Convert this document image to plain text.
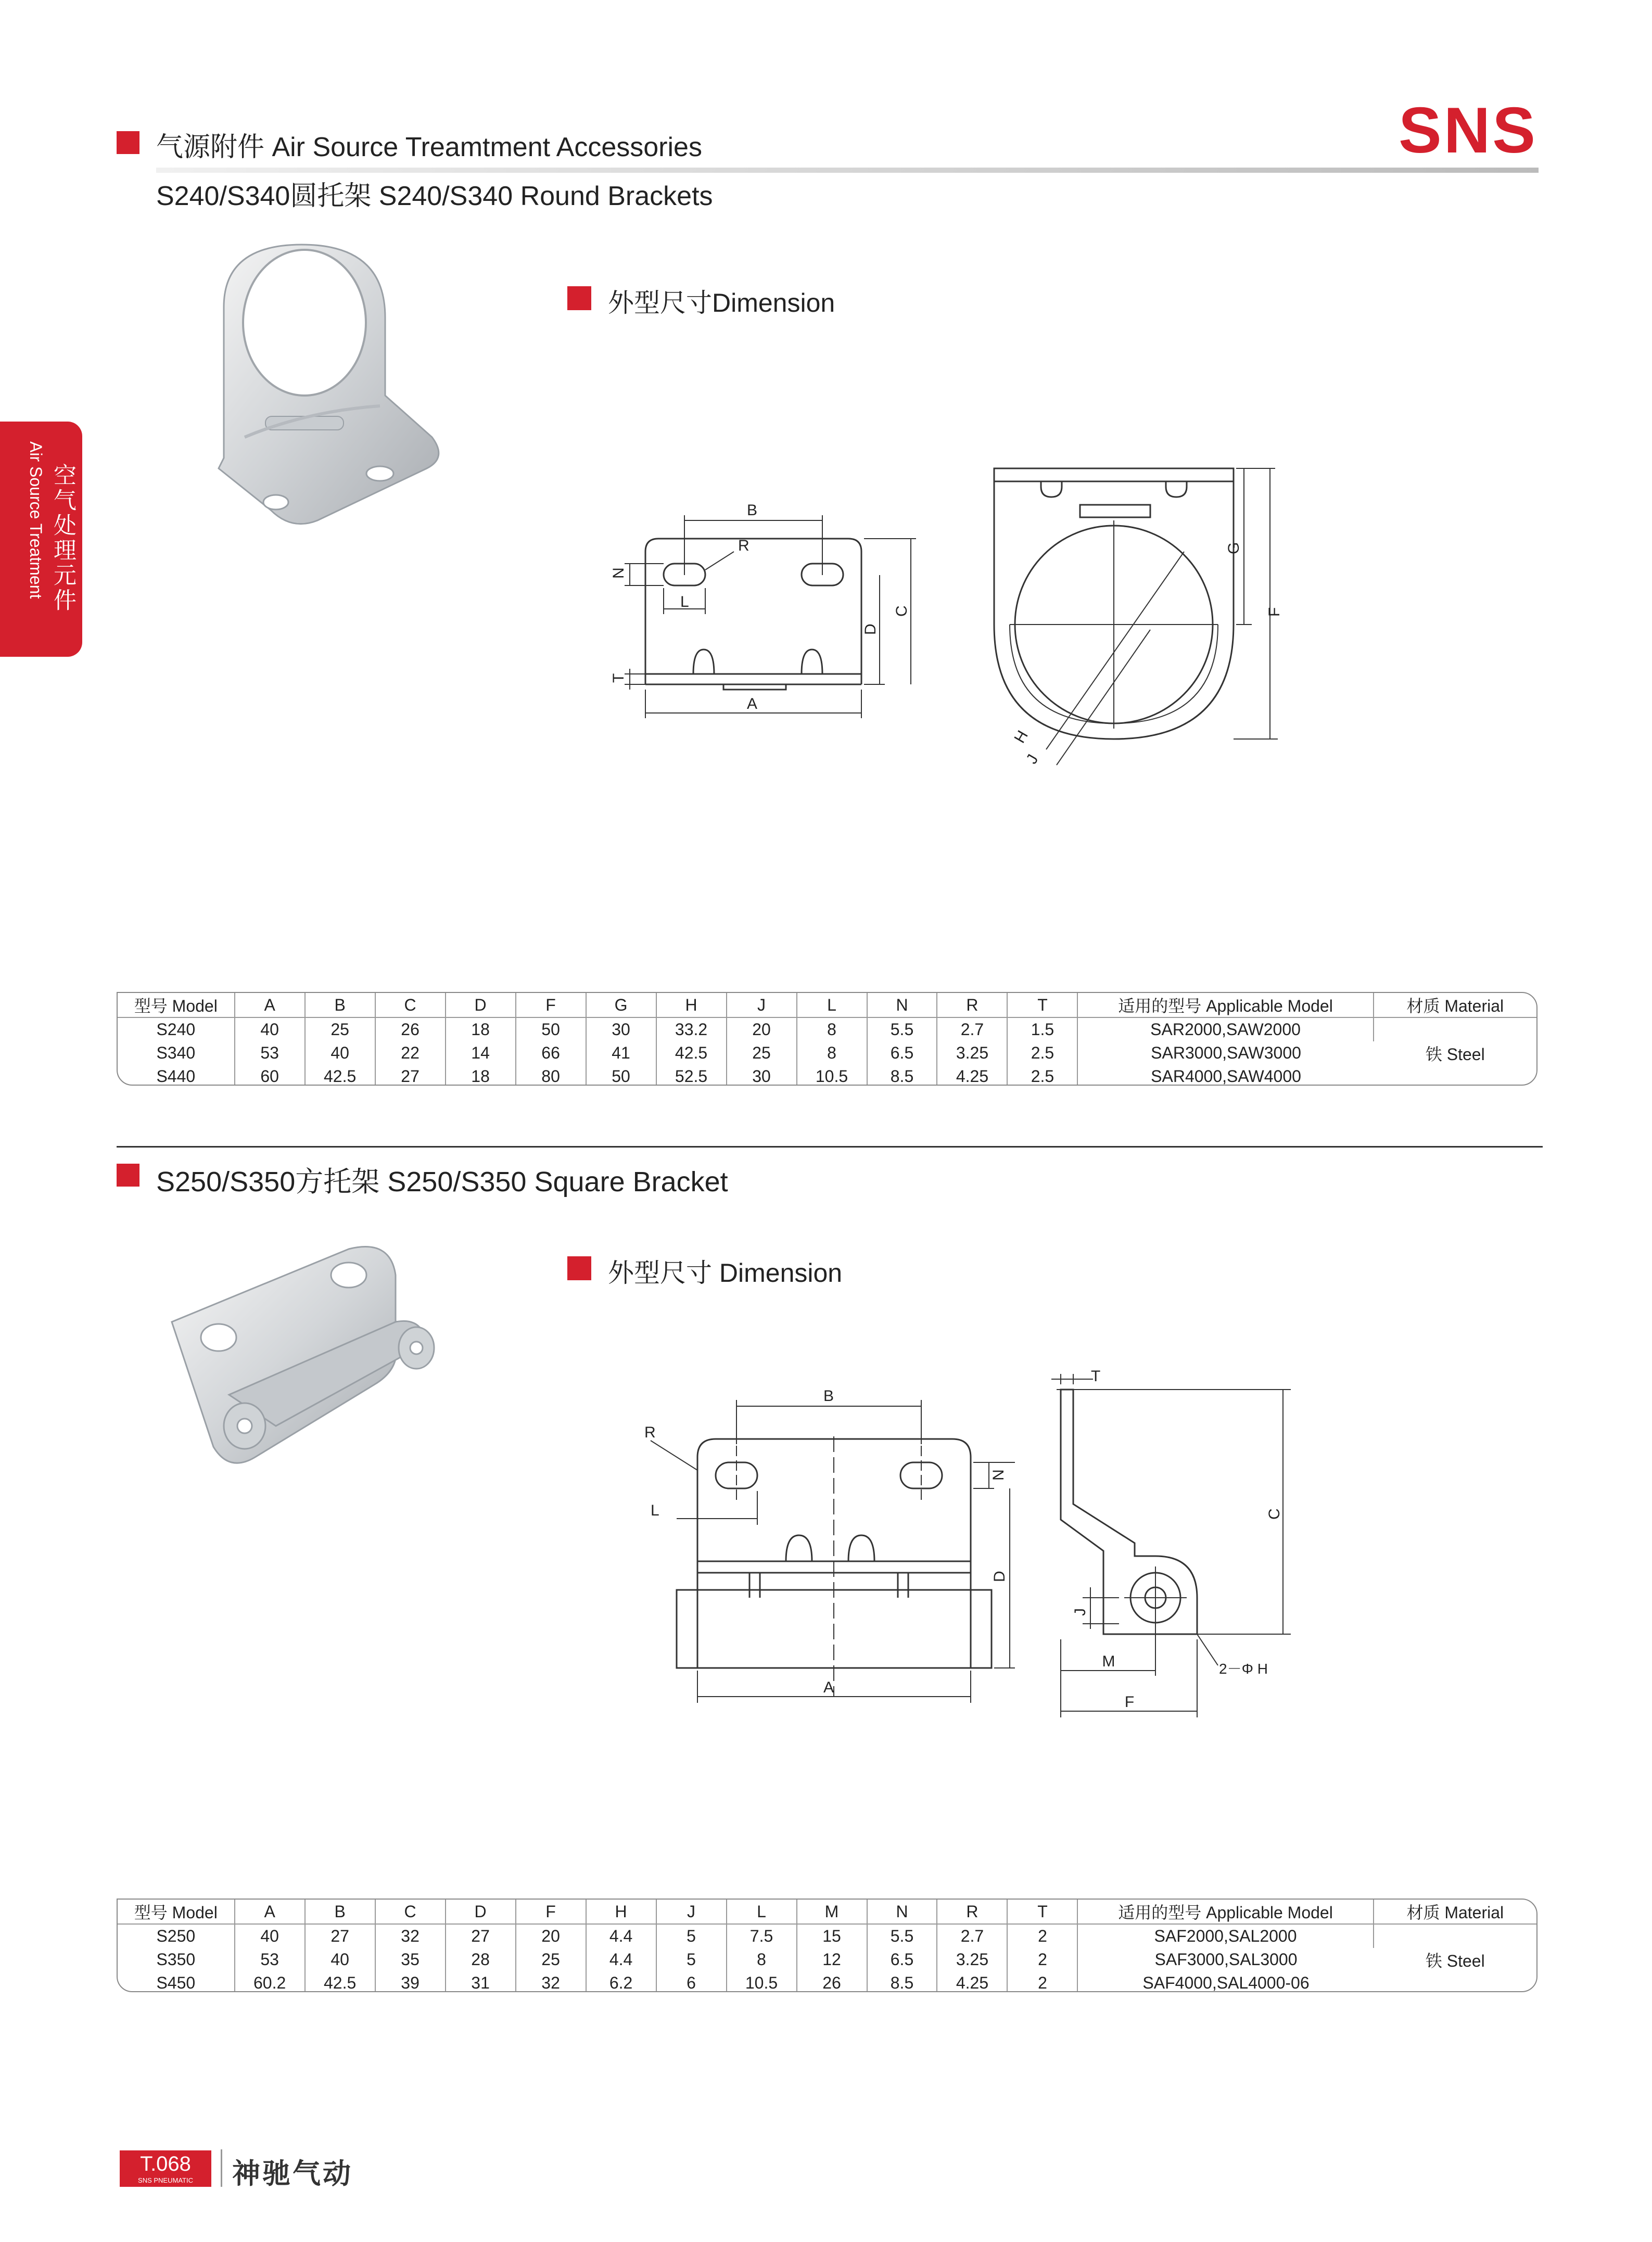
气源附件 Air Source Treamtment Accessories
S240/S340圆托架 S240/S340 Round Brackets
SNS
空气处理元件
Air Source Treatment
外型尺寸Dimension
B
A
R
L
N
T
D
C
G
F
H
J
型号 Model	A	B	C	D	F	G	H	J	L	N	R	T	适用的型号 Applicable Model	材质 Material
S240	40	25	26	18	50	30	33.2	20	8	5.5	2.7	1.5	SAR2000,SAW2000	铁 Steel
S340	53	40	22	14	66	41	42.5	25	8	6.5	3.25	2.5	SAR3000,SAW3000	
S440	60	42.5	27	18	80	50	52.5	30	10.5	8.5	4.25	2.5	SAR4000,SAW4000	
S250/S350方托架 S250/S350 Square Bracket
外型尺寸 Dimension
B
A
R
L
N
D
T
C
J
2－Φ H
M
F
型号 Model	A	B	C	D	F	H	J	L	M	N	R	T	适用的型号 Applicable Model	材质 Material
S250	40	27	32	27	20	4.4	5	7.5	15	5.5	2.7	2	SAF2000,SAL2000	铁 Steel
S350	53	40	35	28	25	4.4	5	8	12	6.5	3.25	2	SAF3000,SAL3000	
S450	60.2	42.5	39	31	32	6.2	6	10.5	26	8.5	4.25	2	SAF4000,SAL4000-06	
T.068
SNS PNEUMATIC	神驰气动
